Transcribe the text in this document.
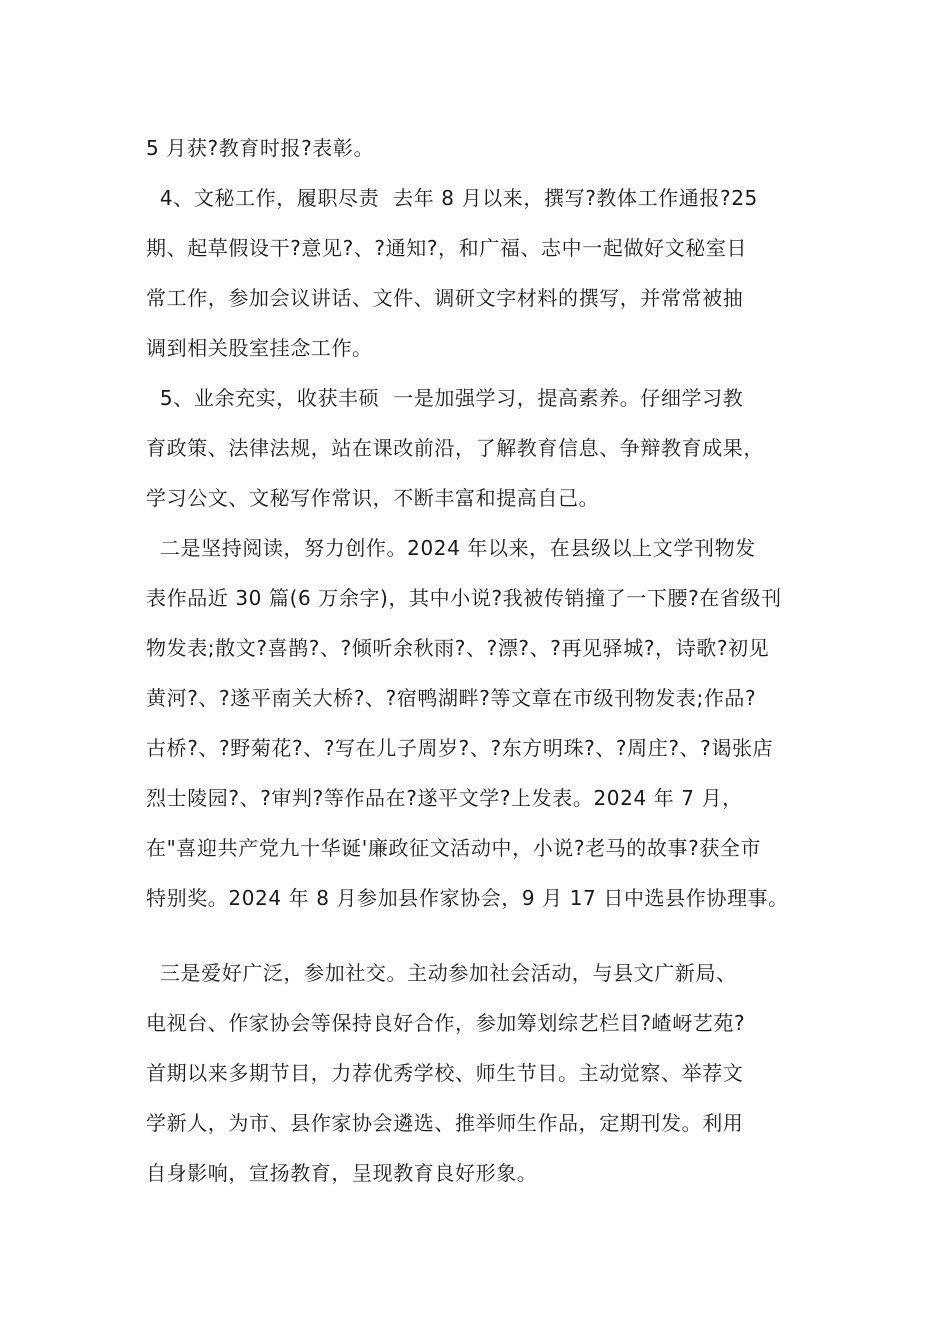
5 月获?教育时报?表彰。
4、文秘工作，履职尽责  去年 8 月以来，撰写?教体工作通报?25
期、起草假设干?意见?、?通知?，和广福、志中一起做好文秘室日
常工作，参加会议讲话、文件、调研文字材料的撰写，并常常被抽
调到相关股室挂念工作。
5、业余充实，收获丰硕  一是加强学习，提高素养。仔细学习教
育政策、法律法规，站在课改前沿，了解教育信息、争辩教育成果，
学习公文、文秘写作常识，不断丰富和提高自己。
二是坚持阅读，努力创作。2024 年以来，在县级以上文学刊物发
表作品近 30 篇(6 万余字)，其中小说?我被传销撞了一下腰?在省级刊
物发表;散文?喜鹊?、?倾听余秋雨?、?漂?、?再见驿城?，诗歌?初见
黄河?、?遂平南关大桥?、?宿鸭湖畔?等文章在市级刊物发表;作品?
古桥?、?野菊花?、?写在儿子周岁?、?东方明珠?、?周庄?、?谒张店
烈士陵园?、?审判?等作品在?遂平文学?上发表。2024 年 7 月，
在"喜迎共产党九十华诞'廉政征文活动中，小说?老马的故事?获全市
特别奖。2024 年 8 月参加县作家协会，9 月 17 日中选县作协理事。
三是爱好广泛，参加社交。主动参加社会活动，与县文广新局、
电视台、作家协会等保持良好合作，参加筹划综艺栏目?嵖岈艺苑?
首期以来多期节目，力荐优秀学校、师生节目。主动觉察、举荐文
学新人，为市、县作家协会遴选、推举师生作品，定期刊发。利用
自身影响，宣扬教育，呈现教育良好形象。
